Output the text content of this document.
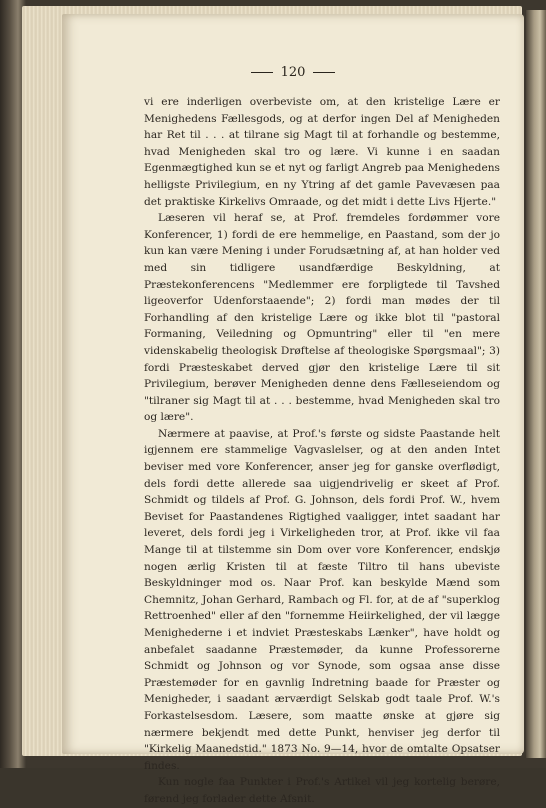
120

vi ere inderligen overbeviste om, at den kristelige Lære er Menighedens Fællesgods, og at derfor ingen Del af Menigheden har Ret til . . . at tilrane sig Magt til at forhandle og bestemme, hvad Menigheden skal tro og lære. Vi kunne i en saadan Egenmægtighed kun se et nyt og farligt Angreb paa Menighedens helligste Privilegium, en ny Ytring af det gamle Pavevæsen paa det praktiske Kirkelivs Omraade, og det midt i dette Livs Hjerte."

Læseren vil heraf se, at Prof. fremdeles fordømmer vore Konferencer, 1) fordi de ere hemmelige, en Paastand, som der jo kun kan være Mening i under Forudsætning af, at han holder ved med sin tidligere usandfærdige Beskyldning, at Præstekonferencens "Medlemmer ere forpligtede til Tavshed ligeoverfor Udenforstaaende"; 2) fordi man mødes der til Forhandling af den kristelige Lære og ikke blot til "pastoral Formaning, Veiledning og Opmuntring" eller til "en mere videnskabelig theologisk Drøftelse af theologiske Spørgsmaal"; 3) fordi Præsteskabet derved gjør den kristelige Lære til sit Privilegium, berøver Menigheden denne dens Fælleseiendom og "tilraner sig Magt til at . . . bestemme, hvad Menigheden skal tro og lære".

Nærmere at paavise, at Prof.'s første og sidste Paastande helt igjennem ere stammelige Vagvaslelser, og at den anden Intet beviser med vore Konferencer, anser jeg for ganske overflødigt, dels fordi dette allerede saa uigjendrivelig er skeet af Prof. Schmidt og tildels af Prof. G. Johnson, dels fordi Prof. W., hvem Beviset for Paastandenes Rigtighed vaaligger, intet saadant har leveret, dels fordi jeg i Virkeligheden tror, at Prof. ikke vil faa Mange til at tilstemme sin Dom over vore Konferencer, endskjø nogen ærlig Kristen til at fæste Tiltro til hans ubeviste Beskyldninger mod os. Naar Prof. kan beskylde Mænd som Chemnitz, Johan Gerhard, Rambach og Fl. for, at de af "superklog Rettroenhed" eller af den "fornemme Heiirkelighed, der vil lægge Menighederne i et indviet Præsteskabs Lænker", have holdt og anbefalet saadanne Præstemøder, da kunne Professorerne Schmidt og Johnson og vor Synode, som ogsaa anse disse Præstemøder for en gavnlig Indretning baade for Præster og Menigheder, i saadant ærværdigt Selskab godt taale Prof. W.'s Forkastelsesdom. Læsere, som maatte ønske at gjøre sig nærmere bekjendt med dette Punkt, henviser jeg derfor til "Kirkelig Maanedstid." 1873 No. 9—14, hvor de omtalte Opsatser findes.

Kun nogle faa Punkter i Prof.'s Artikel vil jeg kortelig berøre, førend jeg forlader dette Afsnit.
